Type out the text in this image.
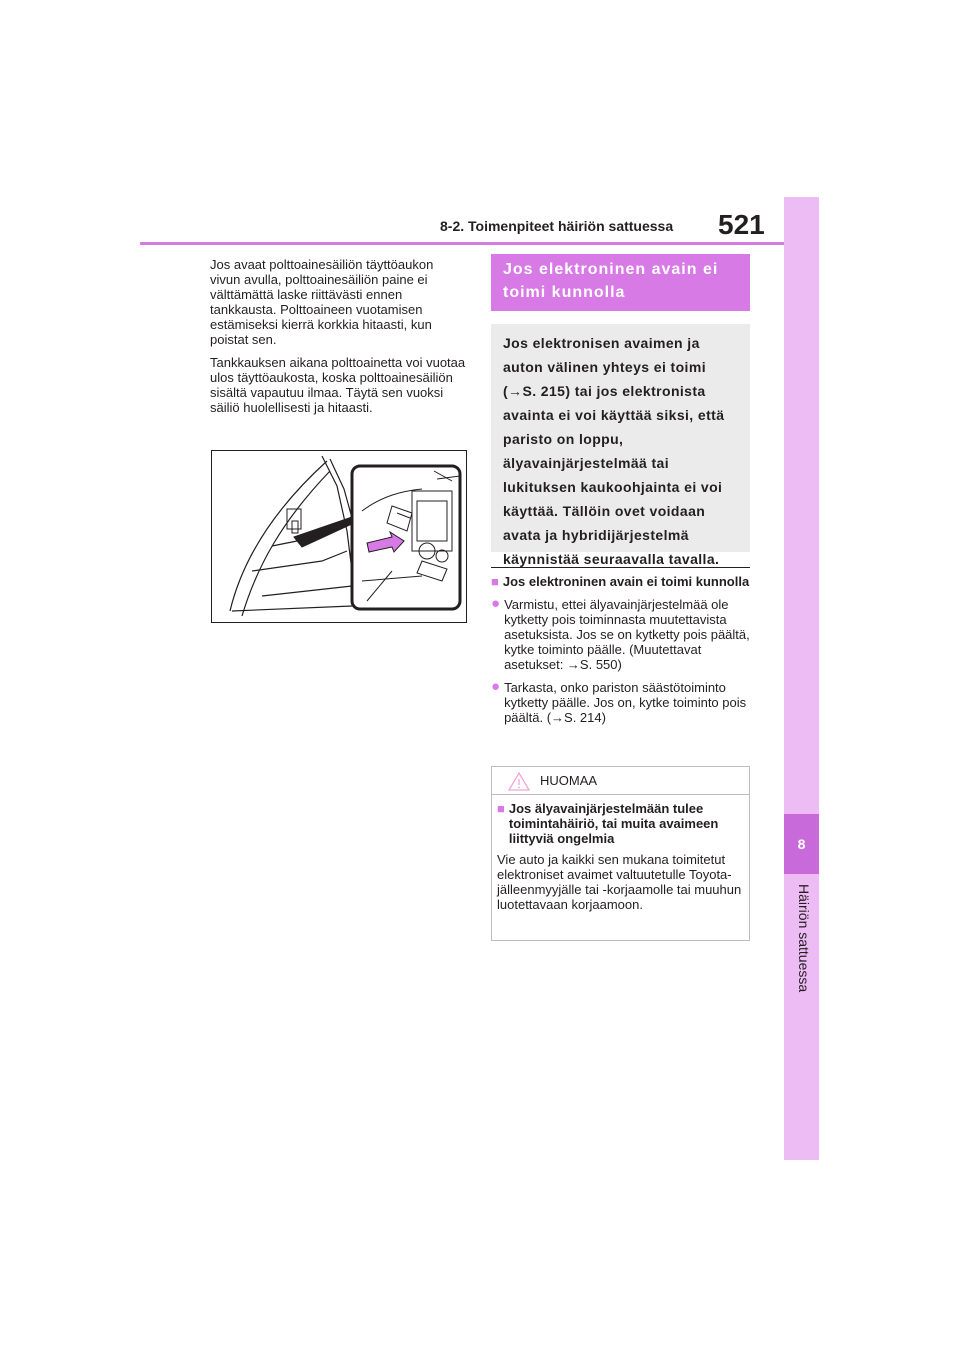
8
Häiriön sattuessa
8-2. Toimenpiteet häiriön sattuessa 521

Jos avaat polttoainesäiliön täyttöaukon vivun avulla, polttoainesäiliön paine ei välttämättä laske riittävästi ennen tankkausta. Polttoaineen vuotamisen estämiseksi kierrä korkkia hitaasti, kun poistat sen.

Tankkauksen aikana polttoainetta voi vuotaa ulos täyttöaukosta, koska polttoainesäiliön sisältä vapautuu ilmaa. Täytä sen vuoksi säiliö huolellisesti ja hitaasti.

Jos elektroninen avain ei toimi kunnolla
Jos elektronisen avaimen ja auton välinen yhteys ei toimi (→S. 215) tai jos elektronista avainta ei voi käyttää siksi, että paristo on loppu, älyavainjärjestelmää tai lukituksen kaukoohjainta ei voi käyttää. Tällöin ovet voidaan avata ja hybridijärjestelmä käynnistää seuraavalla tavalla.
■ Jos elektroninen avain ei toimi kunnolla
● Varmistu, ettei älyavainjärjestelmää ole kytketty pois toiminnasta muutettavista asetuksista. Jos se on kytketty pois päältä, kytke toiminto päälle. (Muutettavat asetukset: →S. 550)
● Tarkasta, onko pariston säästötoiminto kytketty päälle. Jos on, kytke toiminto pois päältä. (→S. 214)
HUOMAA
■ Jos älyavainjärjestelmään tulee toimintahäiriö, tai muita avaimeen liittyviä ongelmia
Vie auto ja kaikki sen mukana toimitetut elektroniset avaimet valtuutetulle Toyota-jälleenmyyjälle tai -korjaamolle tai muuhun luotettavaan korjaamoon.
